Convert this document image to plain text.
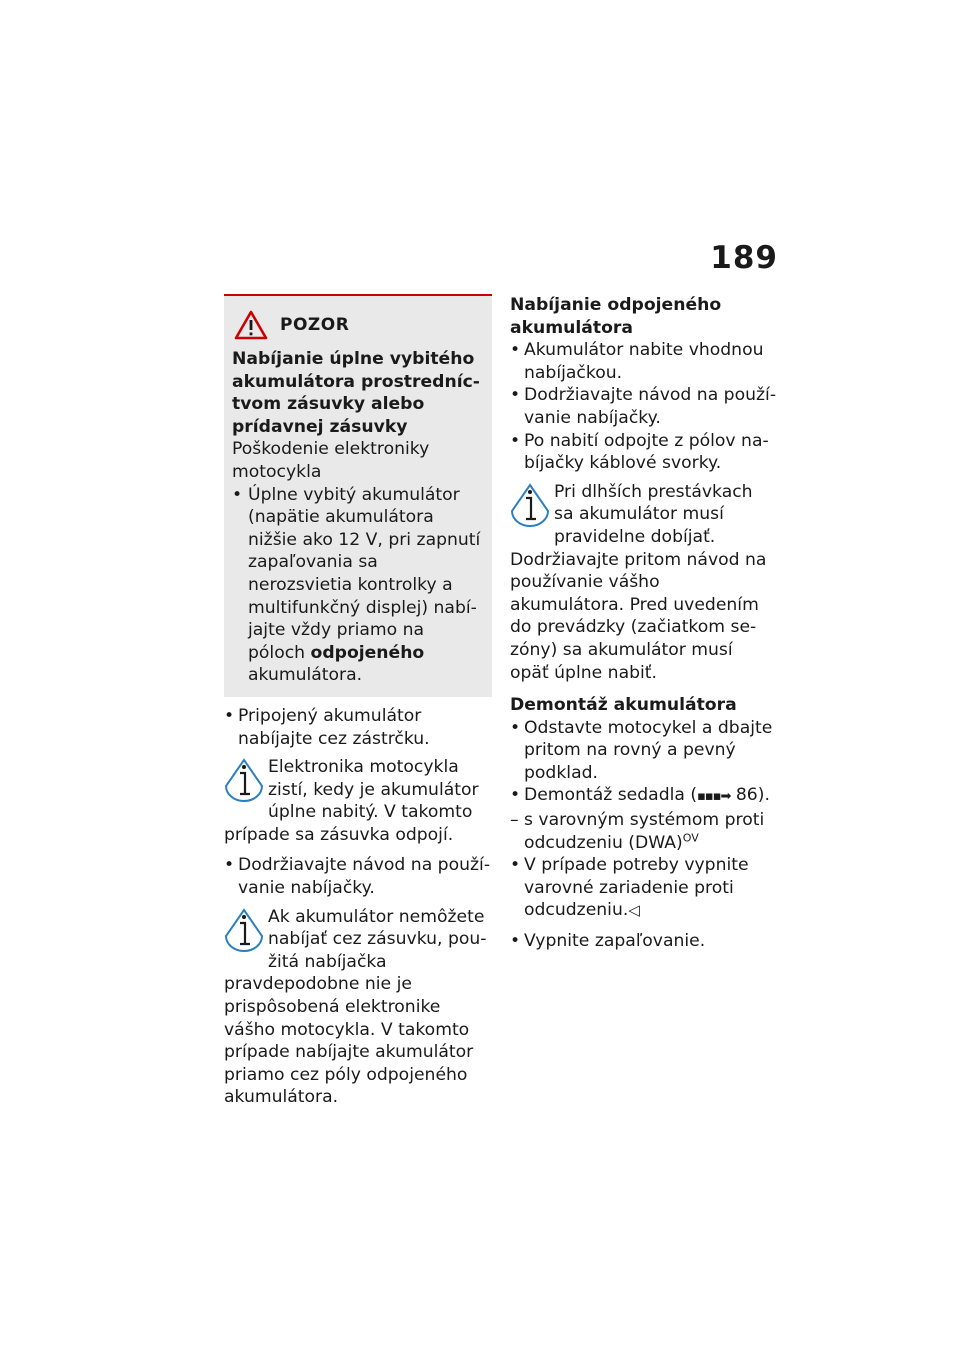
189
POZOR

Nabíjanie úplne vybitého akumulátora prostredníctvom zásuvky alebo prídavnej zásuvky

Poškodenie elektroniky motocykla

• Úplne vybitý akumulátor (napätie akumulátora nižšie ako 12 V, pri zapnutí zapaľovania sa nerozsvietia kontrolky a multifunkčný displej) nabíjajte vždy priamo na póloch odpojeného akumulátora.
• Pripojený akumulátor nabíjajte cez zástrčku.
Elektronika motocykla zistí, kedy je akumulátor úplne nabitý. V takomto prípade sa zásuvka odpojí.
• Dodržiavajte návod na používanie nabíjačky.
Ak akumulátor nemôžete nabíjať cez zásuvku, použitá nabíjačka pravdepodobne nie je prispôsobená elektronike vášho motocykla. V takomto prípade nabíjajte akumulátor priamo cez póly odpojeného akumulátora.

Nabíjanie odpojeného akumulátora

• Akumulátor nabite vhodnou nabíjačkou.
• Dodržiavajte návod na používanie nabíjačky.
• Po nabití odpojte z pólov nabíjačky káblové svorky.
Pri dlhších prestávkach sa akumulátor musí pravidelne dobíjať. Dodržiavajte pritom návod na používanie vášho akumulátora. Pred uvedením do prevádzky (začiatkom sezóny) sa akumulátor musí opäť úplne nabiť.

Demontáž akumulátora

• Odstavte motocykel a dbajte pritom na rovný a pevný podklad.
• Demontáž sedadla (▪▪▪➡ 86).
– s varovným systémom proti odcudzeniu (DWA)$^{OV}$
• V prípade potreby vypnite varovné zariadenie proti odcudzeniu.◁
• Vypnite zapaľovanie.
